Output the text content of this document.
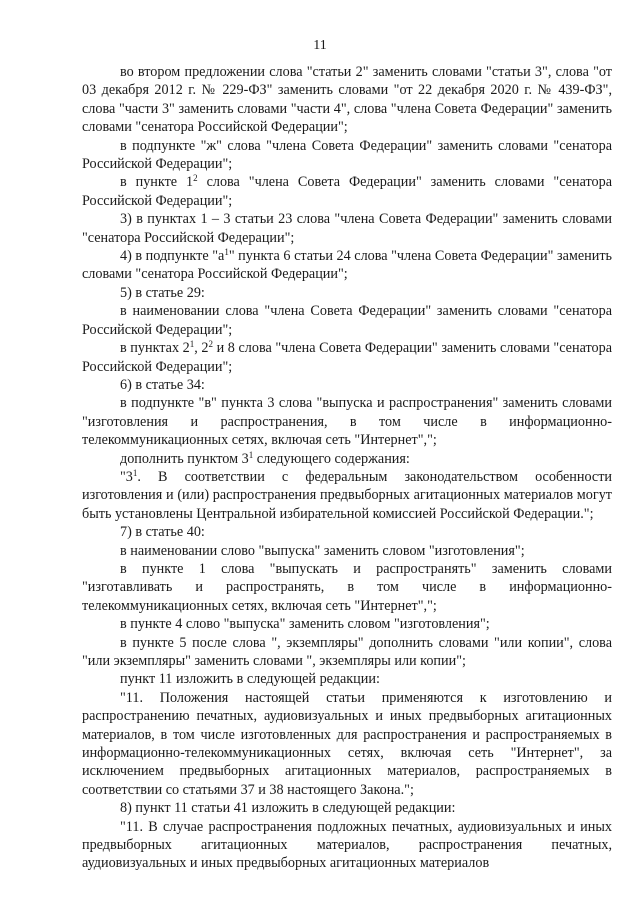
11

во втором предложении слова "статьи 2" заменить словами "статьи 3", слова "от 03 декабря 2012 г. № 229-ФЗ" заменить словами "от 22 декабря 2020 г. № 439-ФЗ", слова "части 3" заменить словами "части 4", слова "члена Совета Федерации" заменить словами "сенатора Российской Федерации";

в подпункте "ж" слова "члена Совета Федерации" заменить словами "сенатора Российской Федерации";

в пункте $1^2$ слова "члена Совета Федерации" заменить словами "сенатора Российской Федерации";

3) в пунктах 1 – 3 статьи 23 слова "члена Совета Федерации" заменить словами "сенатора Российской Федерации";

4) в подпункте "$а^1$" пункта 6 статьи 24 слова "члена Совета Федерации" заменить словами "сенатора Российской Федерации";

5) в статье 29:

в наименовании слова "члена Совета Федерации" заменить словами "сенатора Российской Федерации";

в пунктах $2^1$, $2^2$ и 8 слова "члена Совета Федерации" заменить словами "сенатора Российской Федерации";

6) в статье 34:

в подпункте "в" пункта 3 слова "выпуска и распространения" заменить словами "изготовления и распространения, в том числе в информационно-телекоммуникационных сетях, включая сеть "Интернет",";

дополнить пунктом $3^1$ следующего содержания:

"$3^1$. В соответствии с федеральным законодательством особенности изготовления и (или) распространения предвыборных агитационных материалов могут быть установлены Центральной избирательной комиссией Российской Федерации.";

7) в статье 40:

в наименовании слово "выпуска" заменить словом "изготовления";

в пункте 1 слова "выпускать и распространять" заменить словами "изготавливать и распространять, в том числе в информационно-телекоммуникационных сетях, включая сеть "Интернет",";

в пункте 4 слово "выпуска" заменить словом "изготовления";

в пункте 5 после слова ", экземпляры" дополнить словами "или копии", слова "или экземпляры" заменить словами ", экземпляры или копии";

пункт 11 изложить в следующей редакции:

"11. Положения настоящей статьи применяются к изготовлению и распространению печатных, аудиовизуальных и иных предвыборных агитационных материалов, в том числе изготовленных для распространения и распространяемых в информационно-телекоммуникационных сетях, включая сеть "Интернет", за исключением предвыборных агитационных материалов, распространяемых в соответствии со статьями 37 и 38 настоящего Закона.";

8) пункт 11 статьи 41 изложить в следующей редакции:

"11. В случае распространения подложных печатных, аудиовизуальных и иных предвыборных агитационных материалов, распространения печатных, аудиовизуальных и иных предвыборных агитационных материалов
